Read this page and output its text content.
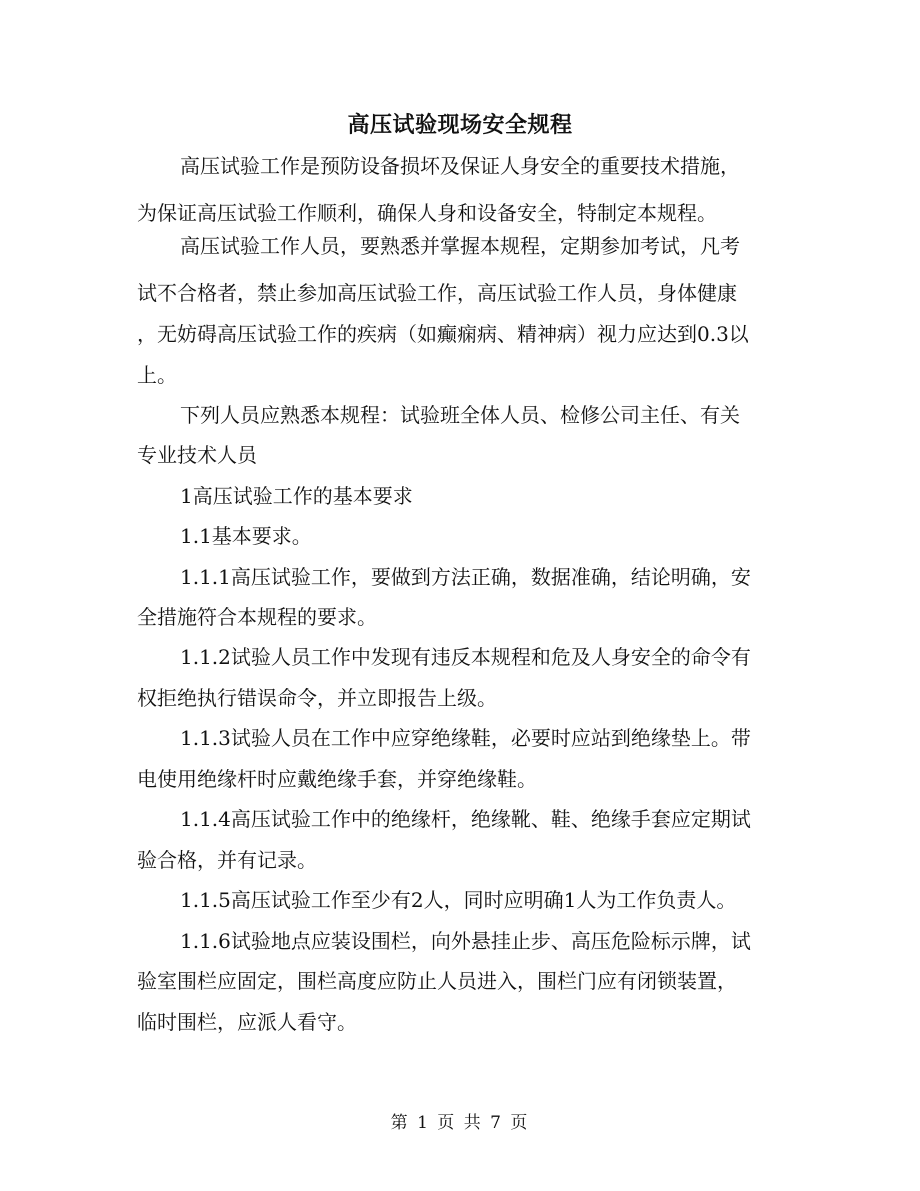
高压试验现场安全规程
高压试验工作是预防设备损坏及保证人身安全的重要技术措施，
为保证高压试验工作顺利，确保人身和设备安全，特制定本规程。
高压试验工作人员，要熟悉并掌握本规程，定期参加考试，凡考
试不合格者，禁止参加高压试验工作，高压试验工作人员，身体健康
，无妨碍高压试验工作的疾病（如癫痫病、精神病）视力应达到0.3以
上。
下列人员应熟悉本规程：试验班全体人员、检修公司主任、有关
专业技术人员
1高压试验工作的基本要求
1.1基本要求。
1.1.1高压试验工作，要做到方法正确，数据准确，结论明确，安
全措施符合本规程的要求。
1.1.2试验人员工作中发现有违反本规程和危及人身安全的命令有
权拒绝执行错误命令，并立即报告上级。
1.1.3试验人员在工作中应穿绝缘鞋，必要时应站到绝缘垫上。带
电使用绝缘杆时应戴绝缘手套，并穿绝缘鞋。
1.1.4高压试验工作中的绝缘杆，绝缘靴、鞋、绝缘手套应定期试
验合格，并有记录。
1.1.5高压试验工作至少有2人，同时应明确1人为工作负责人。
1.1.6试验地点应装设围栏，向外悬挂止步、高压危险标示牌，试
验室围栏应固定，围栏高度应防止人员进入，围栏门应有闭锁装置，
临时围栏，应派人看守。
第 1 页 共 7 页
